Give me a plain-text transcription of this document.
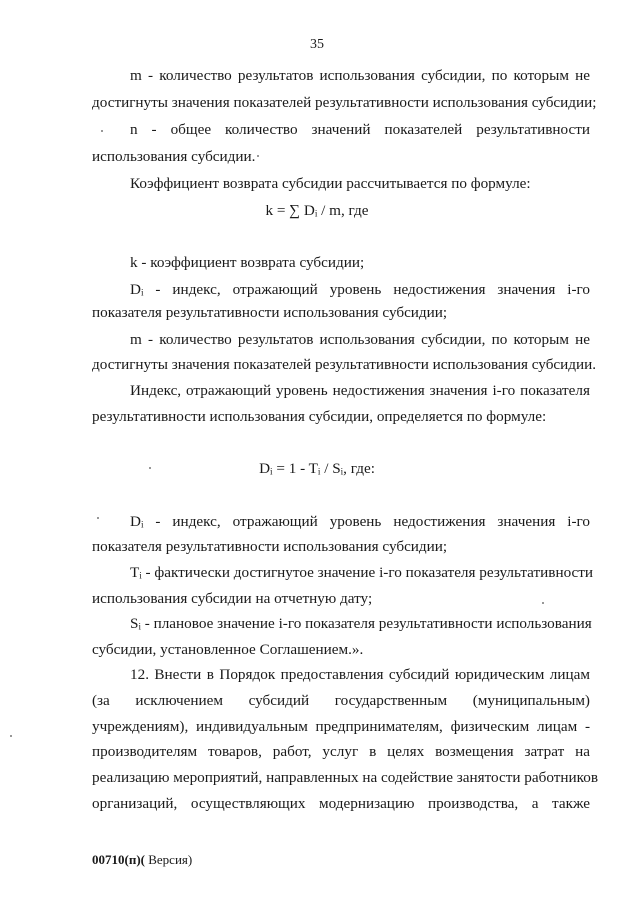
35
m - количество результатов использования субсидии, по которым не
достигнуты значения показателей результативности использования субсидии;
n - общее количество значений показателей результативности
использования субсидии.
Коэффициент возврата субсидии рассчитывается по формуле:
k = ∑ Dᵢ / m, где
k - коэффициент возврата субсидии;
Dᵢ - индекс, отражающий уровень недостижения значения i-го
показателя результативности использования субсидии;
m - количество результатов использования субсидии, по которым не
достигнуты значения показателей результативности использования субсидии.
Индекс, отражающий уровень недостижения значения i-го показателя
результативности использования субсидии, определяется по формуле:
Dᵢ = 1 - Tᵢ / Sᵢ, где:
Dᵢ - индекс, отражающий уровень недостижения значения i-го
показателя результативности использования субсидии;
Tᵢ - фактически достигнутое значение i-го показателя результативности
использования субсидии на отчетную дату;
Sᵢ - плановое значение i-го показателя результативности использования
субсидии, установленное Соглашением.».
12. Внести в Порядок предоставления субсидий юридическим лицам
(за исключением субсидий государственным (муниципальным)
учреждениям), индивидуальным предпринимателям, физическим лицам -
производителям товаров, работ, услуг в целях возмещения затрат на
реализацию мероприятий, направленных на содействие занятости работников
организаций, осуществляющих модернизацию производства, а также
00710(п)( Версия)
